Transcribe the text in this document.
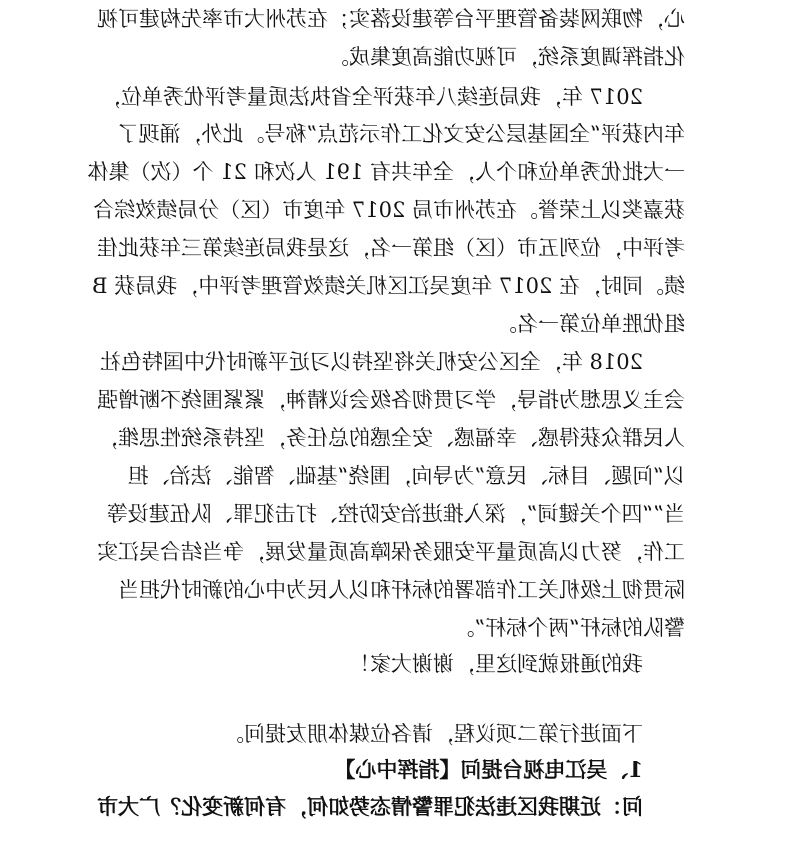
心，物联网装备管理平台等建设落实；在苏州大市率先构建可视
化指挥调度系统，可视功能高度集成。
2017 年，我局连续八年获评全省执法质量考评优秀单位，
年内获评“全国基层公安文化工作示范点”称号。此外，涌现了
一大批优秀单位和个人，全年共有 191 人次和 21 个（次）集体
获嘉奖以上荣誉。在苏州市局 2017 年度市（区）分局绩效综合
考评中，位列五市（区）组第一名，这是我局连续第三年获此佳
绩。同时，在 2017 年度吴江区机关绩效管理考评中，我局获 B
组优胜单位第一名。
2018 年，全区公安机关将坚持以习近平新时代中国特色社
会主义思想为指导，学习贯彻各级会议精神，紧紧围绕不断增强
人民群众获得感、幸福感、安全感的总任务，坚持系统性思维，
以“问题、目标、民意”为导向，围绕“基础、智能、法治、担
当”“四个关键词”，深入推进治安防控、打击犯罪、队伍建设等
工作，努力以高质量平安服务保障高质量发展，争当结合吴江实
际贯彻上级机关工作部署的标杆和以人民为中心的新时代担当
警队的标杆“两个标杆”。
我的通报就到这里，谢谢大家！
下面进行第二项议程，请各位媒体朋友提问。
1、吴江电视台提问【指挥中心】
问：近期我区违法犯罪警情态势如何，有何新变化？广大市
